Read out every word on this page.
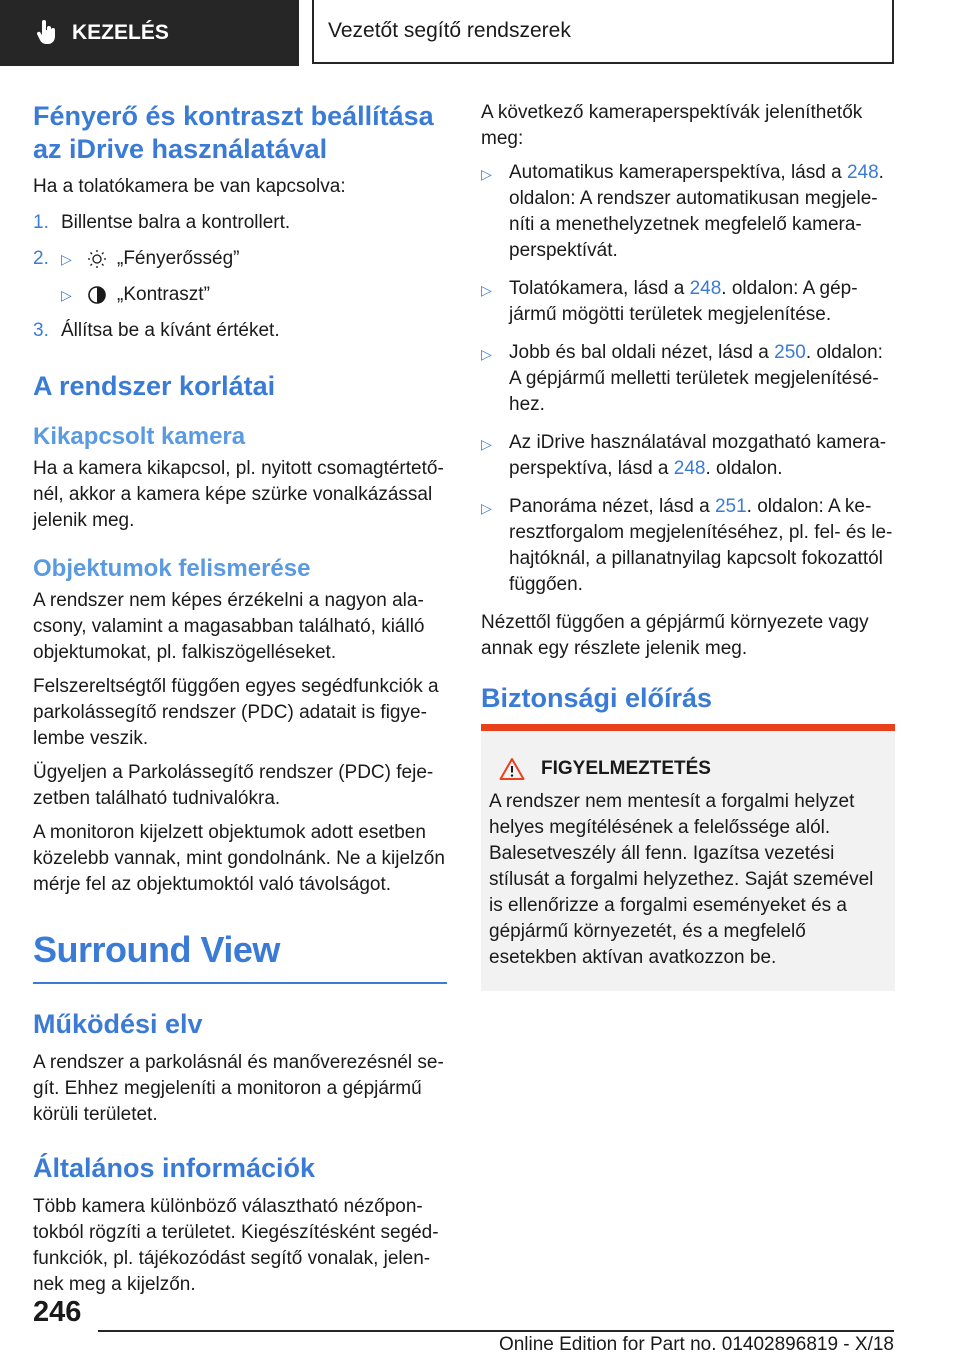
KEZELÉS	Vezetőt segítő rendszerek
Fényerő és kontraszt beállítása az iDrive használatával

Ha a tolatókamera be van kapcsolva:

1. Billentse balra a kontrollert.
2. ▷ „Fényerősség”
▷ „Kontraszt”
3. Állítsa be a kívánt értéket.
A rendszer korlátai
Kikapcsolt kamera

Ha a kamera kikapcsol, pl. nyitott csomagtértetőnél, akkor a kamera képe szürke vonalkázással jelenik meg.

Objektumok felismerése

A rendszer nem képes érzékelni a nagyon alacsony, valamint a magasabban található, kiálló objektumokat, pl. falkiszögelléseket.

Felszereltségtől függően egyes segédfunkciók a parkolássegítő rendszer (PDC) adatait is figyelembe veszik.

Ügyeljen a Parkolássegítő rendszer (PDC) fejezetben található tudnivalókra.

A monitoron kijelzett objektumok adott esetben közelebb vannak, mint gondolnánk. Ne a kijelzőn mérje fel az objektumoktól való távolságot.

Surround View
Működési elv

A rendszer a parkolásnál és manőverezésnél segít. Ehhez megjeleníti a monitoron a gépjármű körüli területet.

Általános információk

Több kamera különböző választható nézőpontokból rögzíti a területet. Kiegészítésként segédfunkciók, pl. tájékozódást segítő vonalak, jelennek meg a kijelzőn.

A következő kameraperspektívák jeleníthetők meg:

▷ Automatikus kameraperspektíva, lásd a 248. oldalon: A rendszer automatikusan megjeleníti a menethelyzetnek megfelelő kameraperspektívát.
▷ Tolatókamera, lásd a 248. oldalon: A gépjármű mögötti területek megjelenítése.
▷ Jobb és bal oldali nézet, lásd a 250. oldalon: A gépjármű melletti területek megjelenítéséhez.
▷ Az iDrive használatával mozgatható kameraperspektíva, lásd a 248. oldalon.
▷ Panoráma nézet, lásd a 251. oldalon: A keresztforgalom megjelenítéséhez, pl. fel- és lehajtóknál, a pillanatnyilag kapcsolt fokozattól függően.

Nézettől függően a gépjármű környezete vagy annak egy részlete jelenik meg.

Biztonsági előírás
FIGYELMEZTETÉS

A rendszer nem mentesít a forgalmi helyzet helyes megítélésének a felelőssége alól. Balesetveszély áll fenn. Igazítsa vezetési stílusát a forgalmi helyzethez. Saját szemével is ellenőrizze a forgalmi eseményeket és a gépjármű környezetét, és a megfelelő esetekben aktívan avatkozzon be.

246
Online Edition for Part no. 01402896819 - X/18
